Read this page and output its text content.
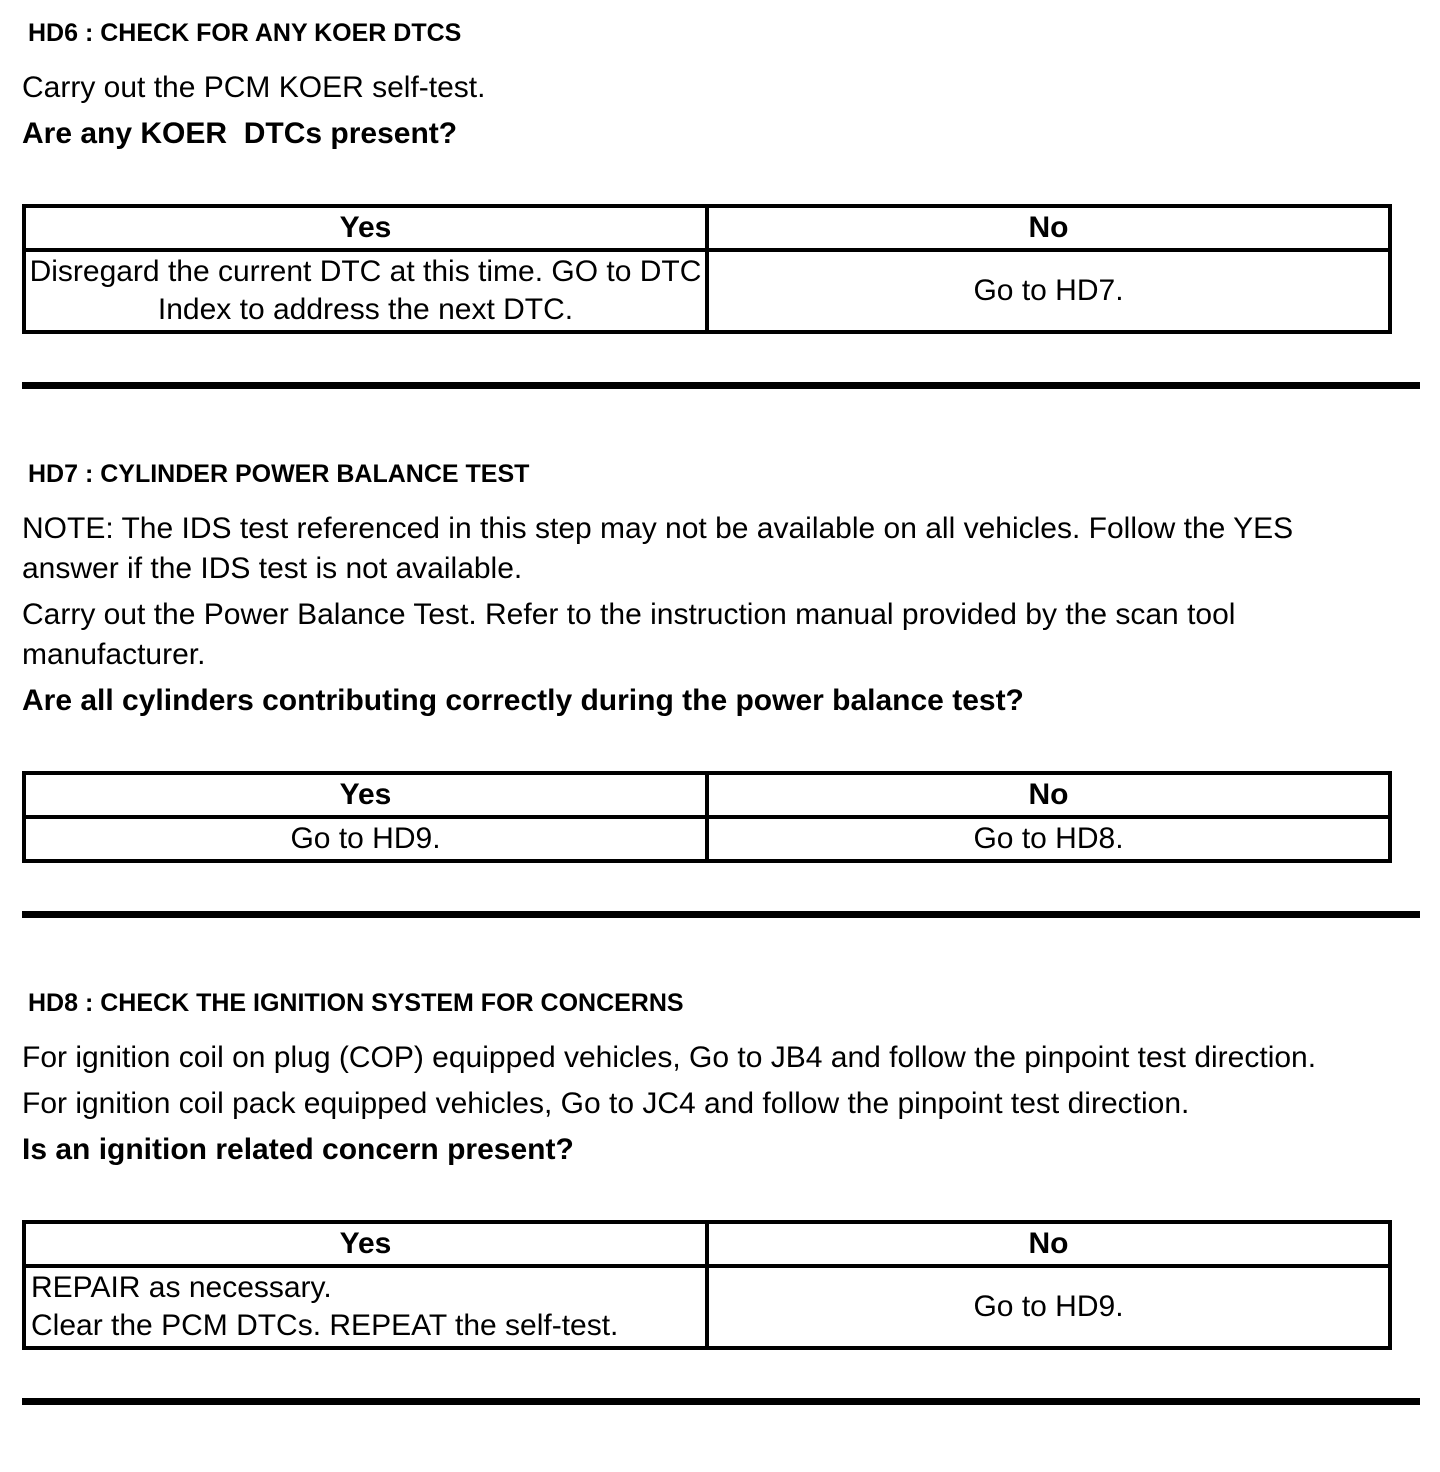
HD6 : CHECK FOR ANY KOER DTCS
Carry out the PCM KOER self-test.
Are any KOER  DTCs present?
Yes	No
Disregard the current DTC at this time. GO to DTC Index to address the next DTC.	Go to HD7.
HD7 : CYLINDER POWER BALANCE TEST
NOTE: The IDS test referenced in this step may not be available on all vehicles. Follow the YES answer if the IDS test is not available.
Carry out the Power Balance Test. Refer to the instruction manual provided by the scan tool manufacturer.
Are all cylinders contributing correctly during the power balance test?
Yes	No
Go to HD9.	Go to HD8.
HD8 : CHECK THE IGNITION SYSTEM FOR CONCERNS
For ignition coil on plug (COP) equipped vehicles, Go to JB4 and follow the pinpoint test direction.
For ignition coil pack equipped vehicles, Go to JC4 and follow the pinpoint test direction.
Is an ignition related concern present?
Yes	No

REPAIR as necessary.
Clear the PCM DTCs. REPEAT the self-test.	Go to HD9.
